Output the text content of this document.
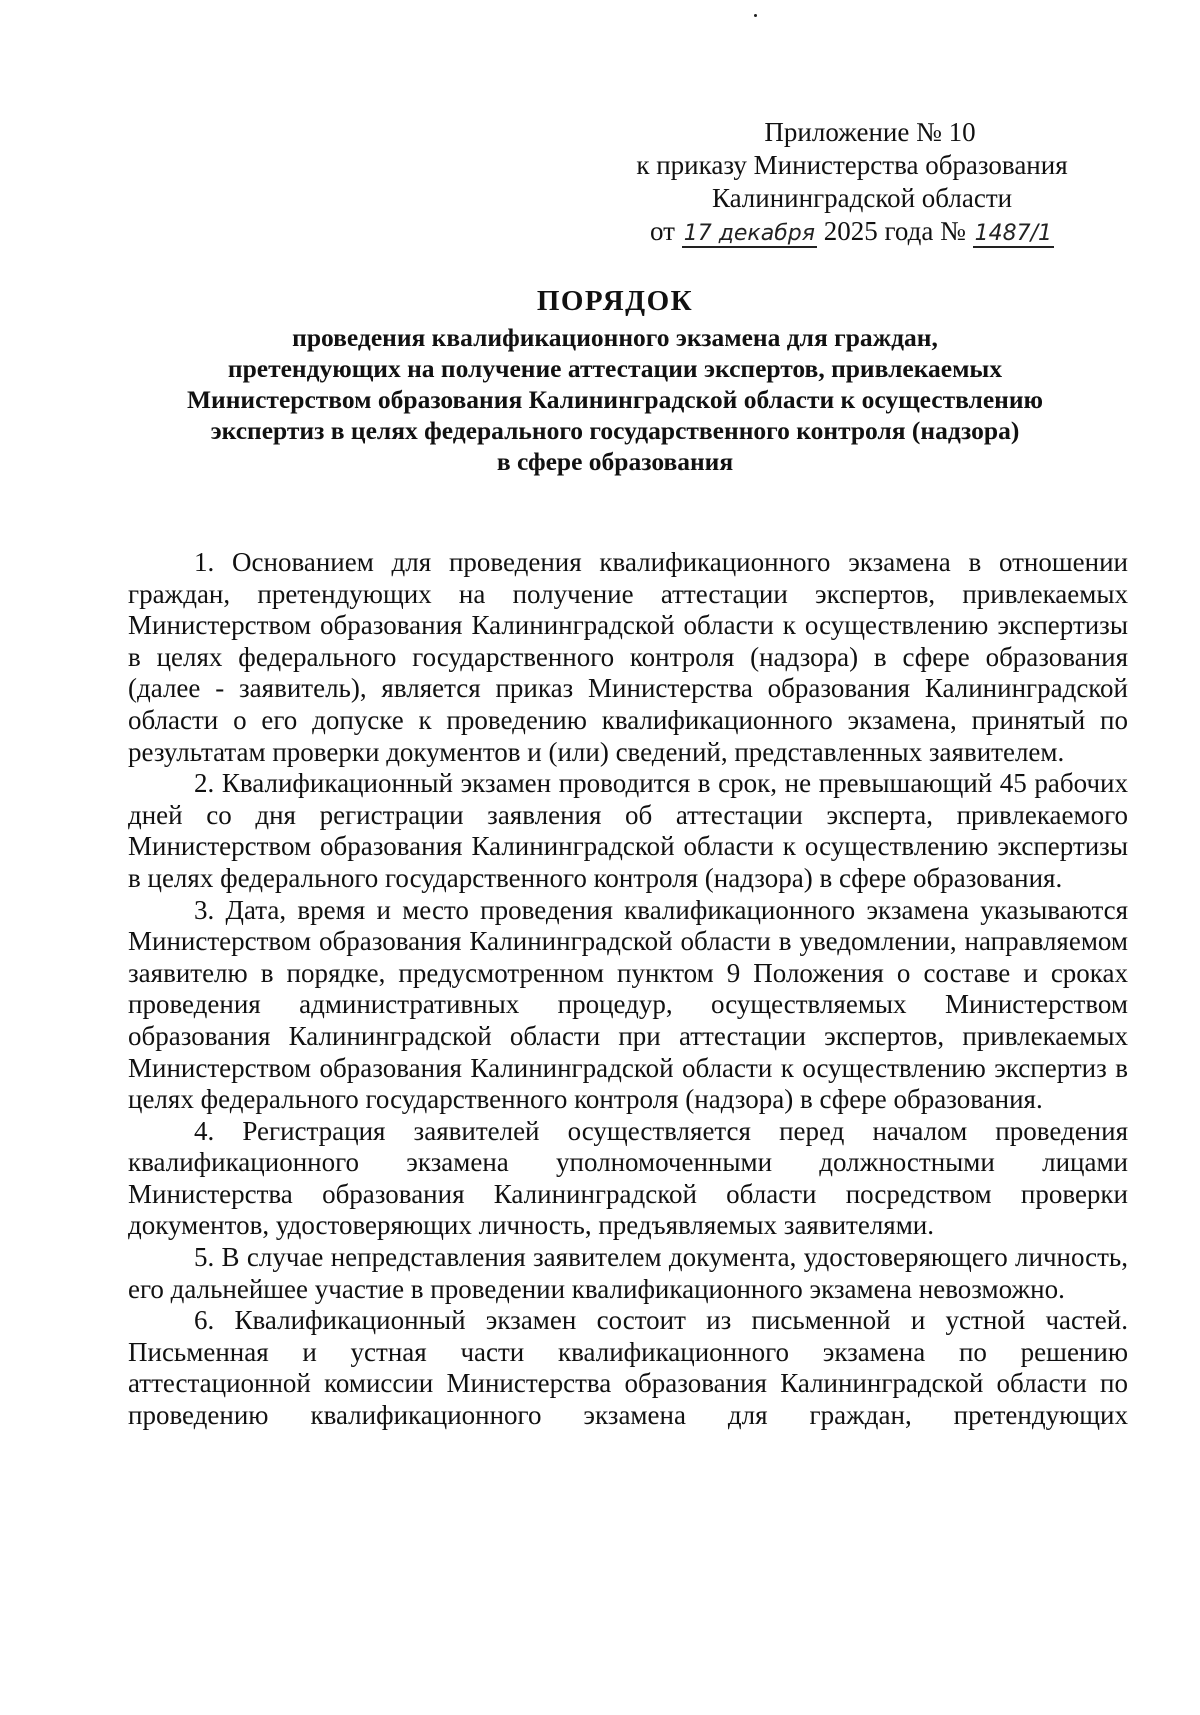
Приложение № 10
к приказу Министерства образования
Калининградской области
от 17 декабря 2025 года № 1487/1
ПОРЯДОК
проведения квалификационного экзамена для граждан,
претендующих на получение аттестации экспертов, привлекаемых
Министерством образования Калининградской области к осуществлению
экспертиз в целях федерального государственного контроля (надзора)
в сфере образования

1. Основанием для проведения квалификационного экзамена в отношении граждан, претендующих на получение аттестации экспертов, привлекаемых Министерством образования Калининградской области к осуществлению экспертизы в целях федерального государственного контроля (надзора) в сфере образования (далее - заявитель), является приказ Министерства образования Калининградской области о его допуске к проведению квалификационного экзамена, принятый по результатам проверки документов и (или) сведений, представленных заявителем.

2. Квалификационный экзамен проводится в срок, не превышающий 45 рабочих дней со дня регистрации заявления об аттестации эксперта, привлекаемого Министерством образования Калининградской области к осуществлению экспертизы в целях федерального государственного контроля (надзора) в сфере образования.

3. Дата, время и место проведения квалификационного экзамена указываются Министерством образования Калининградской области в уведомлении, направляемом заявителю в порядке, предусмотренном пунктом 9 Положения о составе и сроках проведения административных процедур, осуществляемых Министерством образования Калининградской области при аттестации экспертов, привлекаемых Министерством образования Калининградской области к осуществлению экспертиз в целях федерального государственного контроля (надзора) в сфере образования.

4. Регистрация заявителей осуществляется перед началом проведения квалификационного экзамена уполномоченными должностными лицами Министерства образования Калининградской области посредством проверки документов, удостоверяющих личность, предъявляемых заявителями.

5. В случае непредставления заявителем документа, удостоверяющего личность, его дальнейшее участие в проведении квалификационного экзамена невозможно.

6. Квалификационный экзамен состоит из письменной и устной частей. Письменная и устная части квалификационного экзамена по решению аттестационной комиссии Министерства образования Калининградской области по проведению квалификационного экзамена для граждан, претендующих
